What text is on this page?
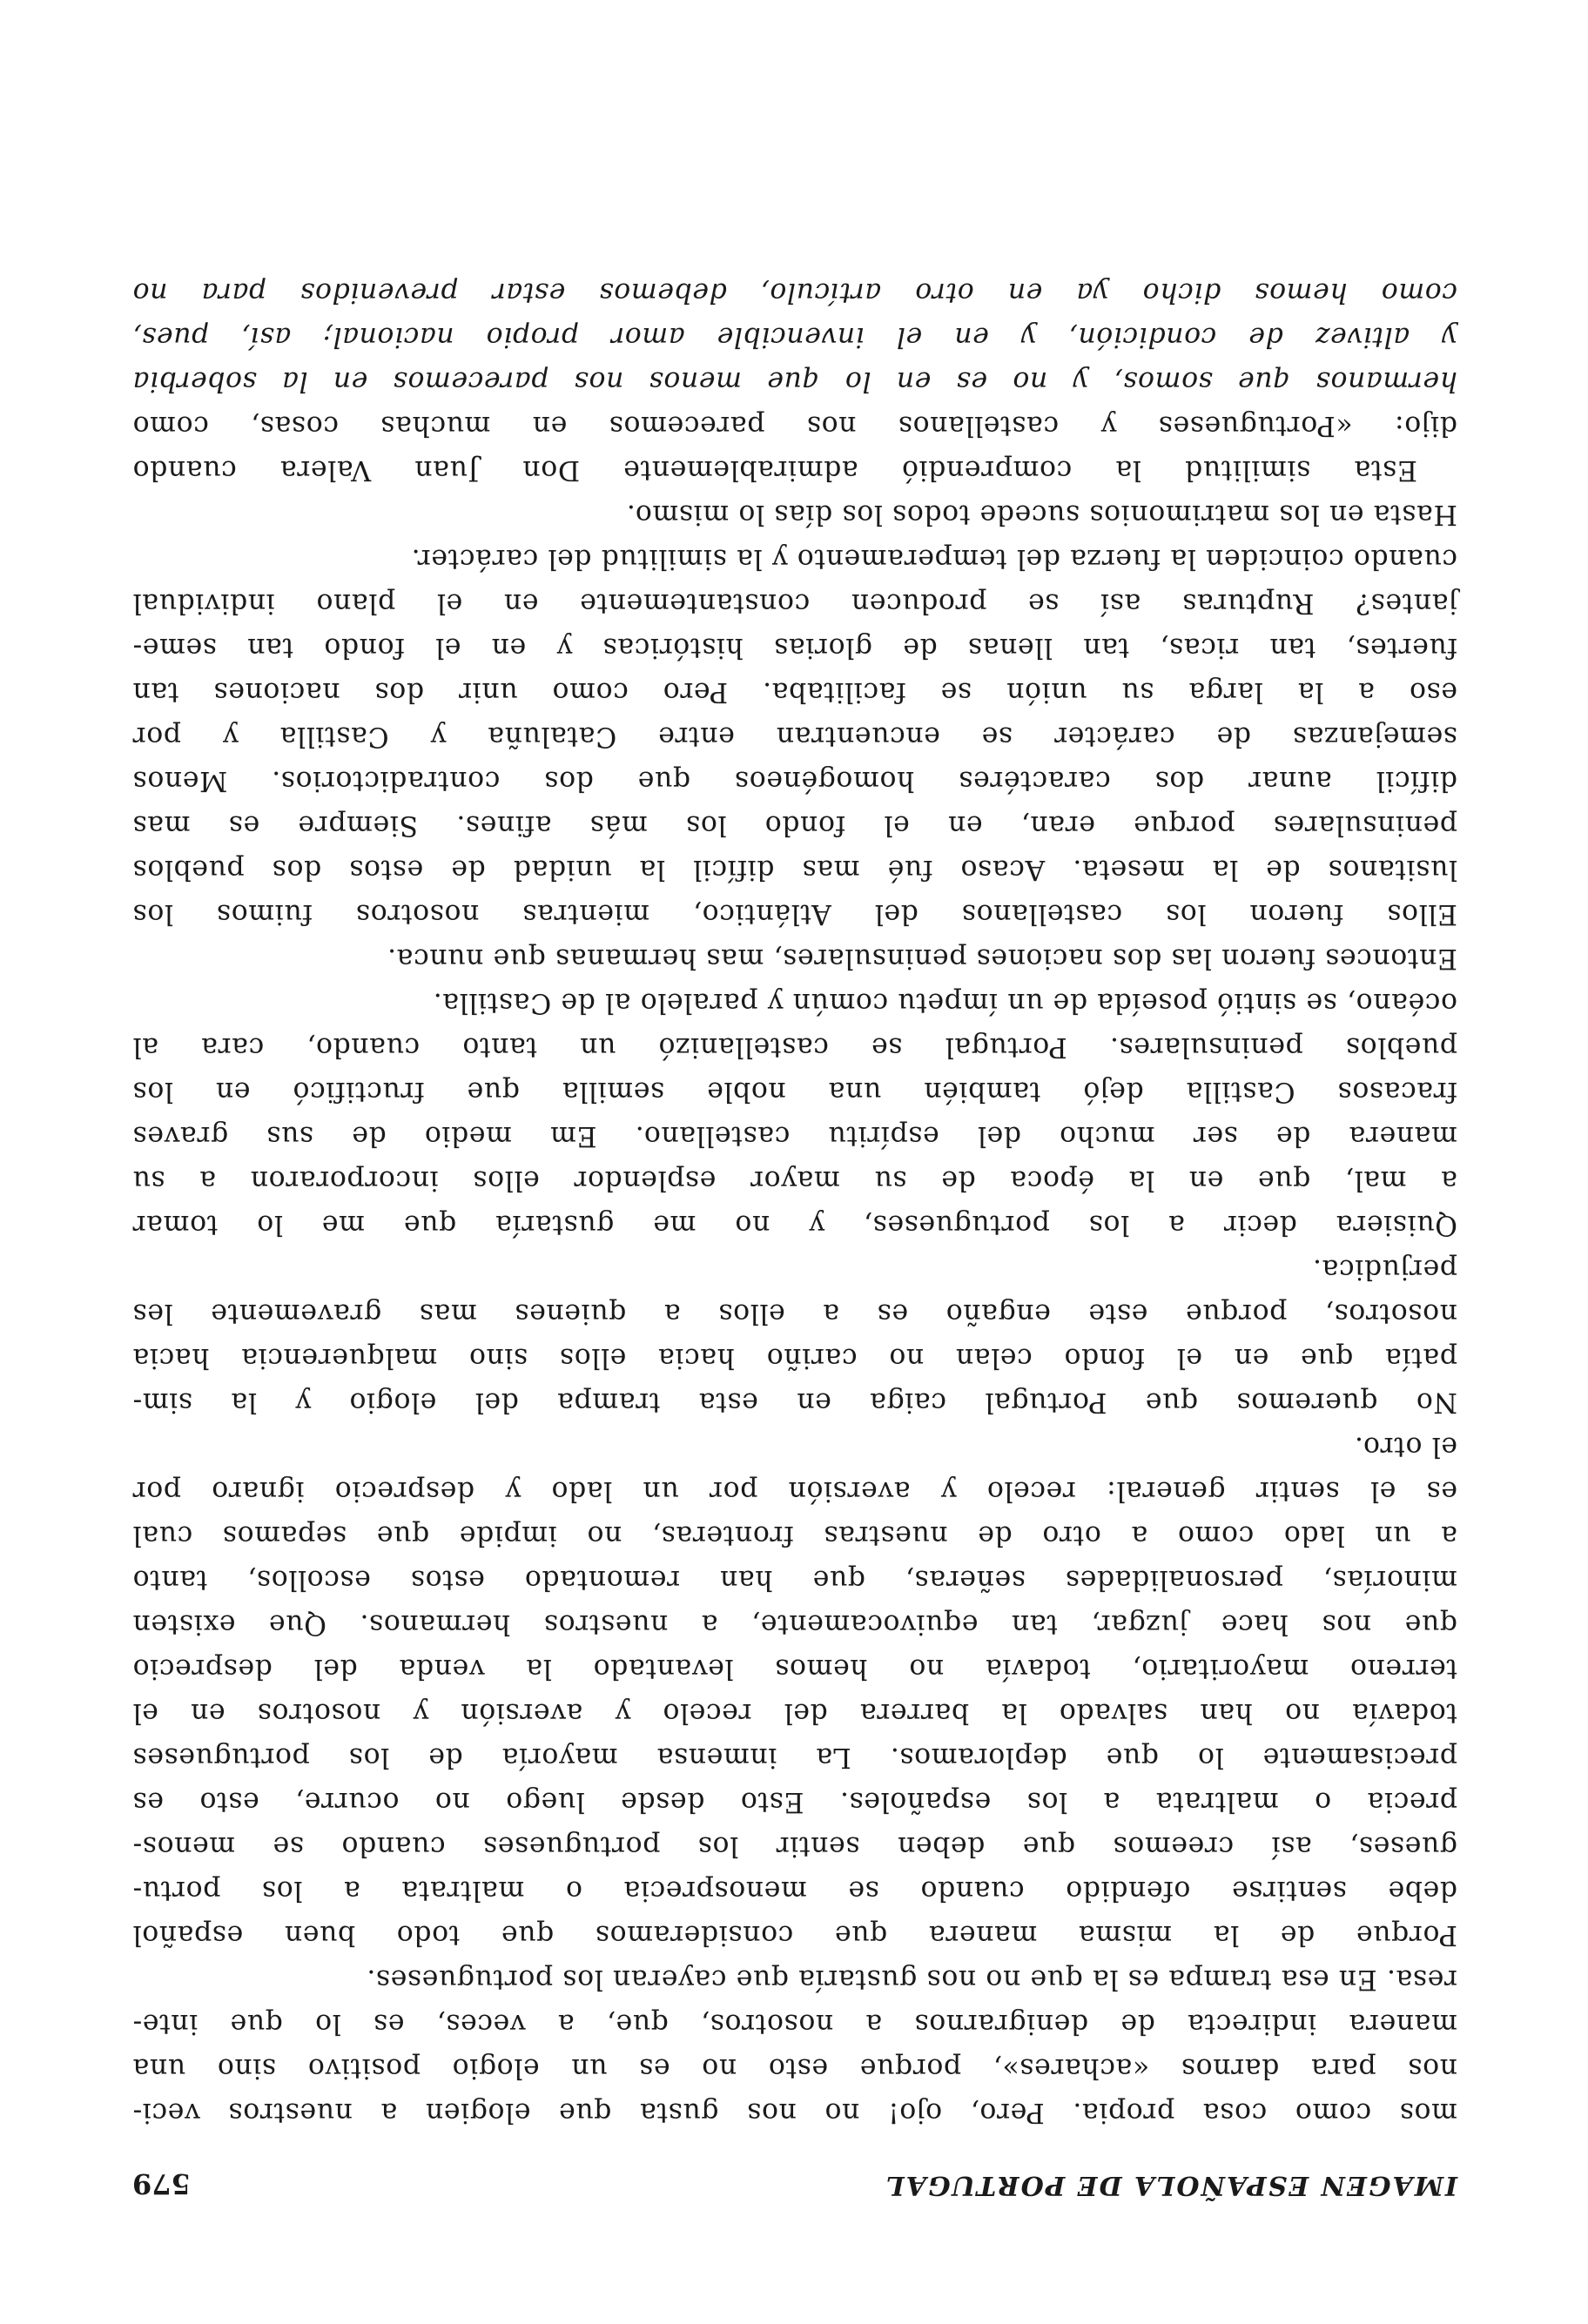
IMAGEN ESPAÑOLA DE PORTUGAL
579
mos como cosa propia. Pero, ojo! no nos gusta que elogien a nuestros veci-
nos para darnos «achares», porque esto no es un elogio positivo sino una
manera indirecta de denigrarnos a nosotros, que, a veces, es lo que inte-
resa. En esa trampa es la que no nos gustaría que cayeran los portugueses.
Porque de la misma manera que consideramos que todo buen español
debe sentirse ofendido cuando se menosprecia o maltrata a los portu-
gueses, así creemos que deben sentir los portugueses cuando se menos-
precia o maltrata a los españoles. Esto desde luego no ocurre, esto es
precisamente lo que deploramos. La inmensa mayoría de los portugueses
todavía no han salvado la barrera del recelo y aversión y nosotros en el
terreno mayoritario, todavía no hemos levantado la venda del desprecio
que nos hace juzgar, tan equivocamente, a nuestros hermanos. Que existen
minorías, personalidades señeras, que han remontado estos escollos, tanto
a un lado como a otro de nuestras fronteras, no impide que sepamos cual
es el sentir general: recelo y aversión por un lado y desprecio ignaro por
el otro.
No queremos que Portugal caiga en esta trampa del elogio y la sim-
patía que en el fondo celan no cariño hacia ellos sino malquerencia hacia
nosotros, porque este engaño es a ellos a quienes mas gravemente les
perjudica.
Quisiera decir a los portugueses, y no me gustaría que me lo tomar
a mal, que en la época de su mayor esplendor ellos incorporaron a su
manera de ser mucho del espíritu castellano. Em medio de sus graves
fracasos Castilla dejó también una noble semilla que fructificó en los
pueblos peninsulares. Portugal se castellanizó un tanto cuando, cara al
océano, se sintió poseída de un ímpetu común y paralelo al de Castilla.
Entonces fueron las dos naciones peninsulares, mas hermanas que nunca.
Ellos fueron los castellanos del Atlántico, mientras nosotros fuimos los
lusitanos de la meseta. Acaso fué mas difícil la unidad de estos dos pueblos
peninsulares porque eran, en el fondo los más afines. Siempre es mas
difícil aunar dos caractéres homogéneos que dos contradictorios. Menos
semejanzas de carácter se encuentran entre Cataluña y Castilla y por
eso a la larga su unión se facilitaba. Pero como unir dos naciones tan
fuertes, tan ricas, tan llenas de glorias históricas y en el fondo tan seme-
jantes? Rupturas así se producen constantemente en el plano individual
cuando coinciden la fuerza del temperamento y la similitud del carácter.
Hasta en los matrimonios sucede todos los días lo mismo.
Esta similitud la comprendió admirablemente Don Juan Valera cuando
dijo: «Portugueses y castellanos nos parecemos en muchas cosas, como
hermanos que somos, y no es en lo que menos nos parecemos en la soberbia
y altivez de condición, y en el invencible amor propio nacional; así, pues,
como hemos dicho ya en otro artículo, debemos estar prevenidos para no
